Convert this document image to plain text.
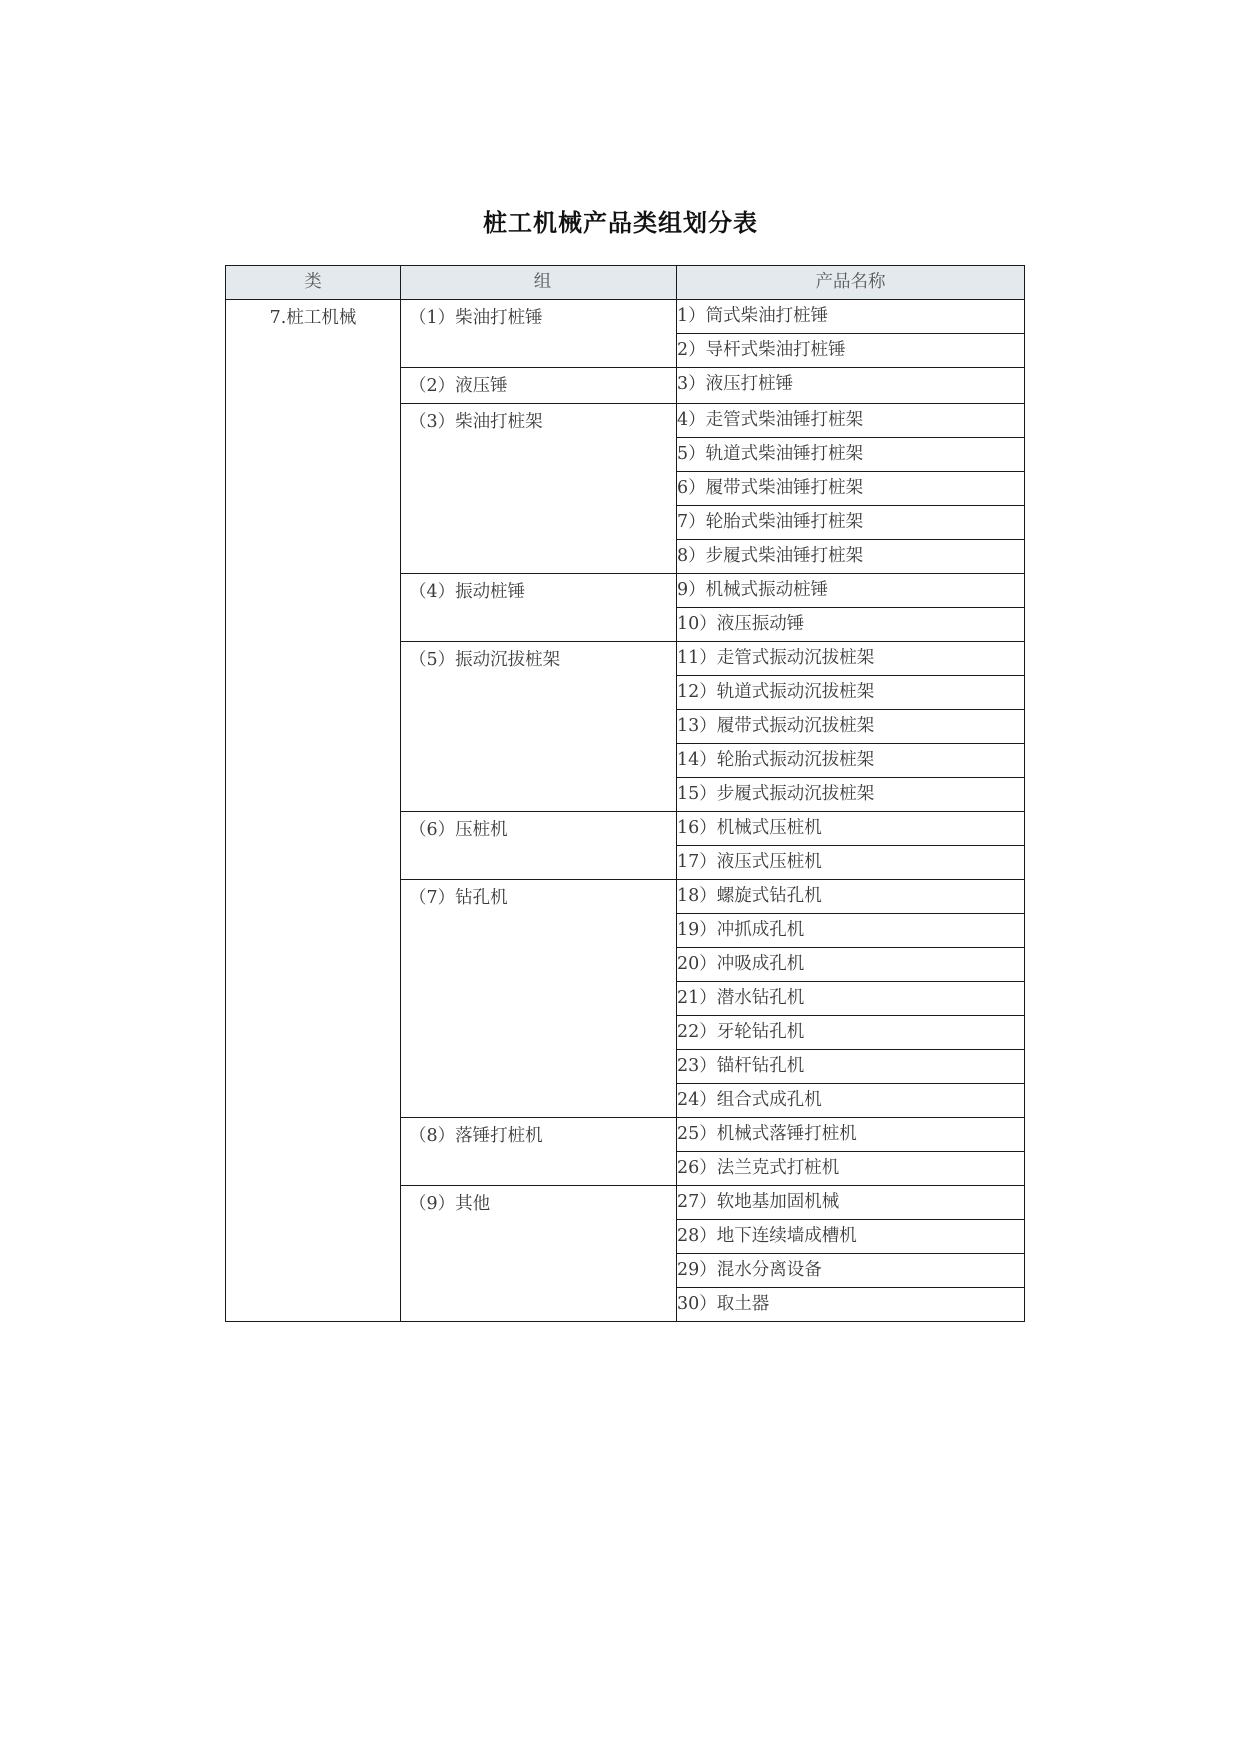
桩工机械产品类组划分表
类	组	产品名称
7.桩工机械	（1）柴油打桩锤	1）筒式柴油打桩锤
		2）导杆式柴油打桩锤
	（2）液压锤	3）液压打桩锤
	（3）柴油打桩架	4）走管式柴油锤打桩架
		5）轨道式柴油锤打桩架
		6）履带式柴油锤打桩架
		7）轮胎式柴油锤打桩架
		8）步履式柴油锤打桩架
	（4）振动桩锤	9）机械式振动桩锤
		10）液压振动锤
	（5）振动沉拔桩架	11）走管式振动沉拔桩架
		12）轨道式振动沉拔桩架
		13）履带式振动沉拔桩架
		14）轮胎式振动沉拔桩架
		15）步履式振动沉拔桩架
	（6）压桩机	16）机械式压桩机
		17）液压式压桩机
	（7）钻孔机	18）螺旋式钻孔机
		19）冲抓成孔机
		20）冲吸成孔机
		21）潜水钻孔机
		22）牙轮钻孔机
		23）锚杆钻孔机
		24）组合式成孔机
	（8）落锤打桩机	25）机械式落锤打桩机
		26）法兰克式打桩机
	（9）其他	27）软地基加固机械
		28）地下连续墙成槽机
		29）混水分离设备
		30）取土器
